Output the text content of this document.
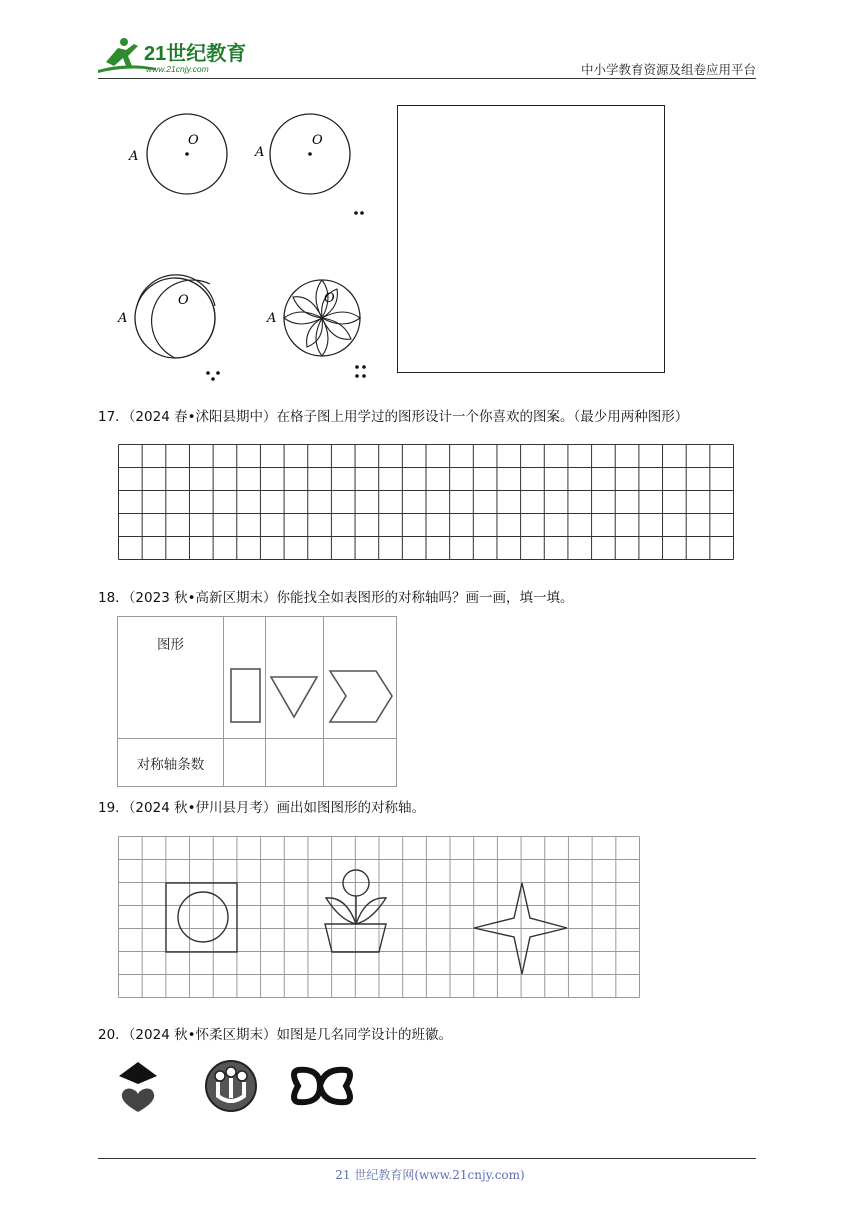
21世纪教育
www.21cnjy.com	中小学教育资源及组卷应用平台
O
A
O
A
O
A
O
A
17．（2024 春•沭阳县期中）在格子图上用学过的图形设计一个你喜欢的图案。（最少用两种图形）
18．（2023 秋•高新区期末）你能找全如表图形的对称轴吗？画一画，填一填。
图形			
对称轴条数			
19．（2024 秋•伊川县月考）画出如图图形的对称轴。
20．（2024 秋•怀柔区期末）如图是几名同学设计的班徽。
21 世纪教育网(www.21cnjy.com)
